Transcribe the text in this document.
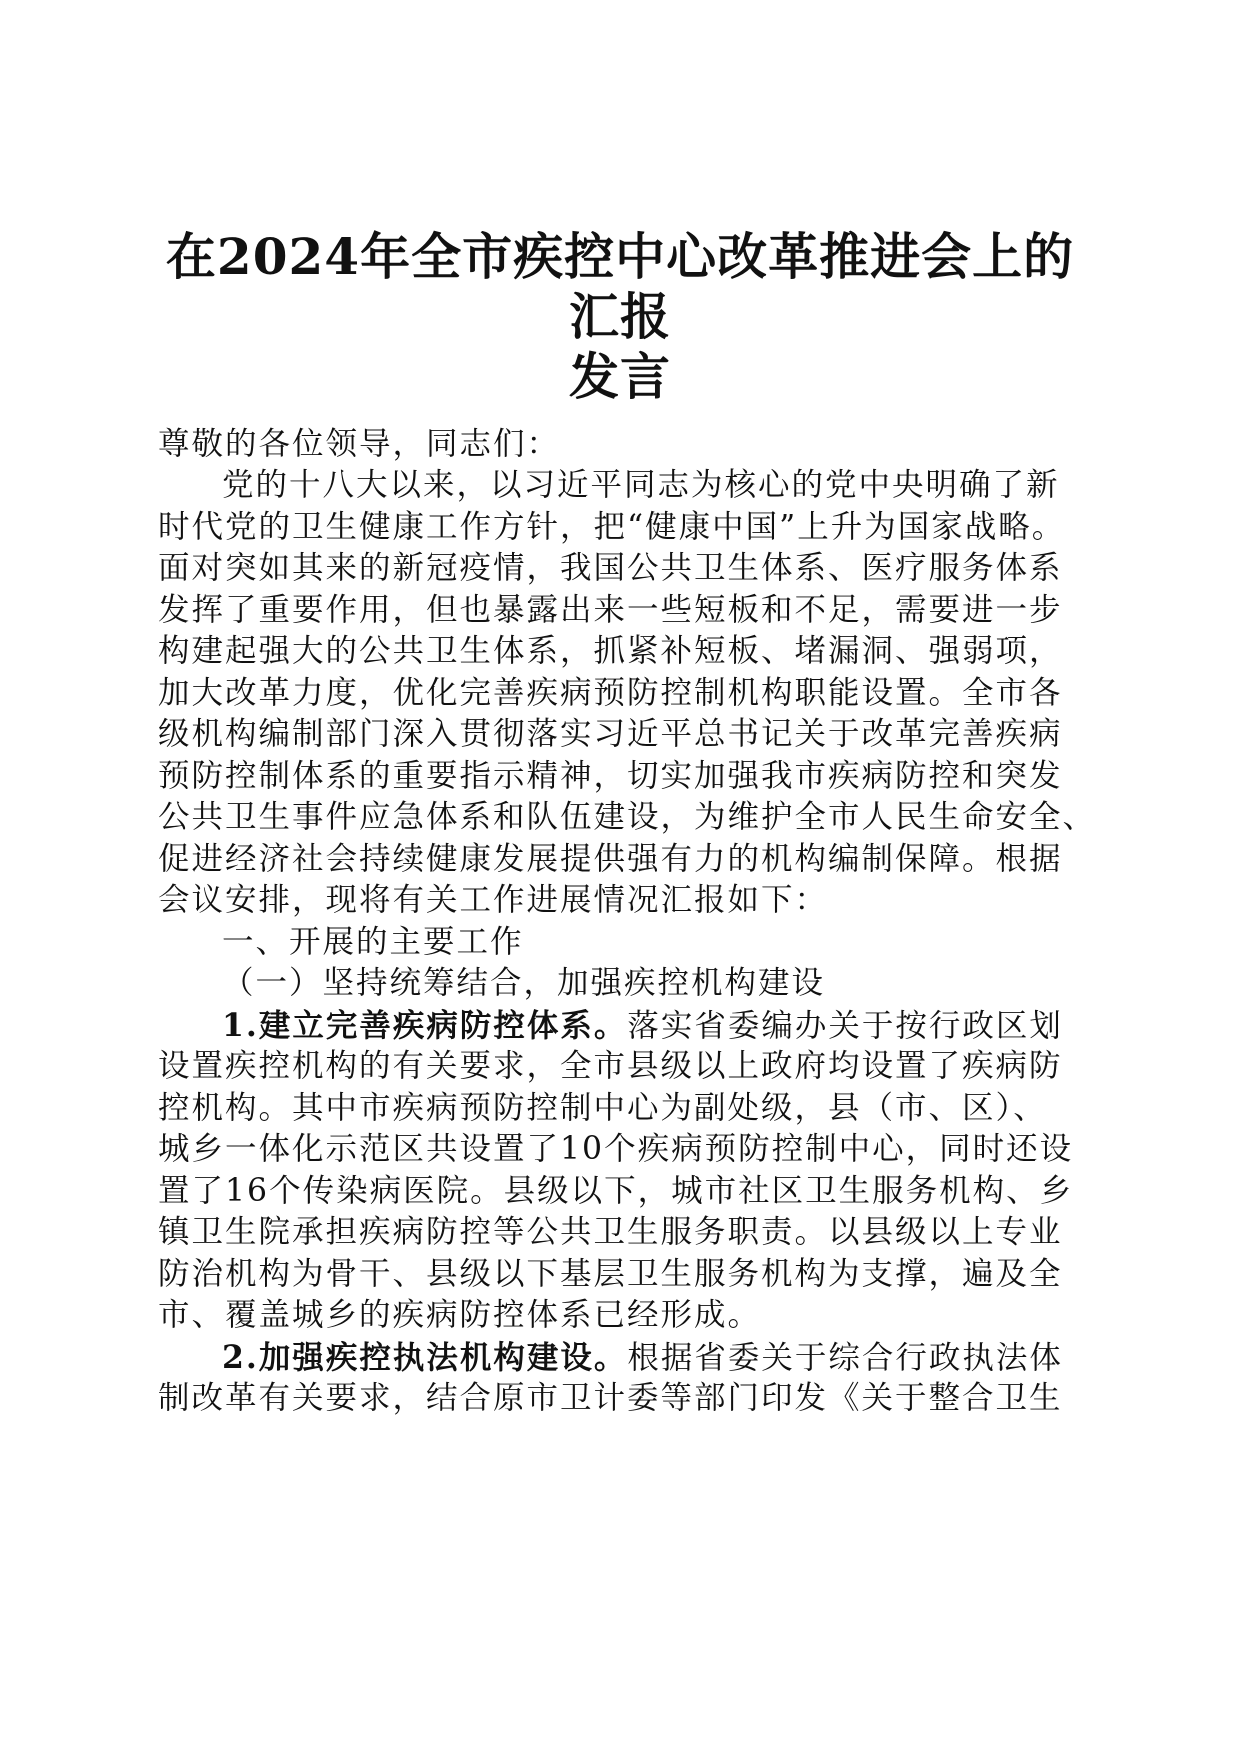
在2024年全市疾控中心改革推进会上的汇报
发言

尊敬的各位领导，同志们：

党的十八大以来，以习近平同志为核心的党中央明确了新

时代党的卫生健康工作方针，把“健康中国”上升为国家战略。

面对突如其来的新冠疫情，我国公共卫生体系、医疗服务体系

发挥了重要作用，但也暴露出来一些短板和不足，需要进一步

构建起强大的公共卫生体系，抓紧补短板、堵漏洞、强弱项，

加大改革力度，优化完善疾病预防控制机构职能设置。全市各

级机构编制部门深入贯彻落实习近平总书记关于改革完善疾病

预防控制体系的重要指示精神，切实加强我市疾病防控和突发

公共卫生事件应急体系和队伍建设，为维护全市人民生命安全、

促进经济社会持续健康发展提供强有力的机构编制保障。根据

会议安排，现将有关工作进展情况汇报如下：

一、开展的主要工作

（一）坚持统筹结合，加强疾控机构建设

1.建立完善疾病防控体系。落实省委编办关于按行政区划

设置疾控机构的有关要求，全市县级以上政府均设置了疾病防

控机构。其中市疾病预防控制中心为副处级，县（市、区）、

城乡一体化示范区共设置了10个疾病预防控制中心，同时还设

置了16个传染病医院。县级以下，城市社区卫生服务机构、乡

镇卫生院承担疾病防控等公共卫生服务职责。以县级以上专业

防治机构为骨干、县级以下基层卫生服务机构为支撑，遍及全

市、覆盖城乡的疾病防控体系已经形成。

2.加强疾控执法机构建设。根据省委关于综合行政执法体

制改革有关要求，结合原市卫计委等部门印发《关于整合卫生
